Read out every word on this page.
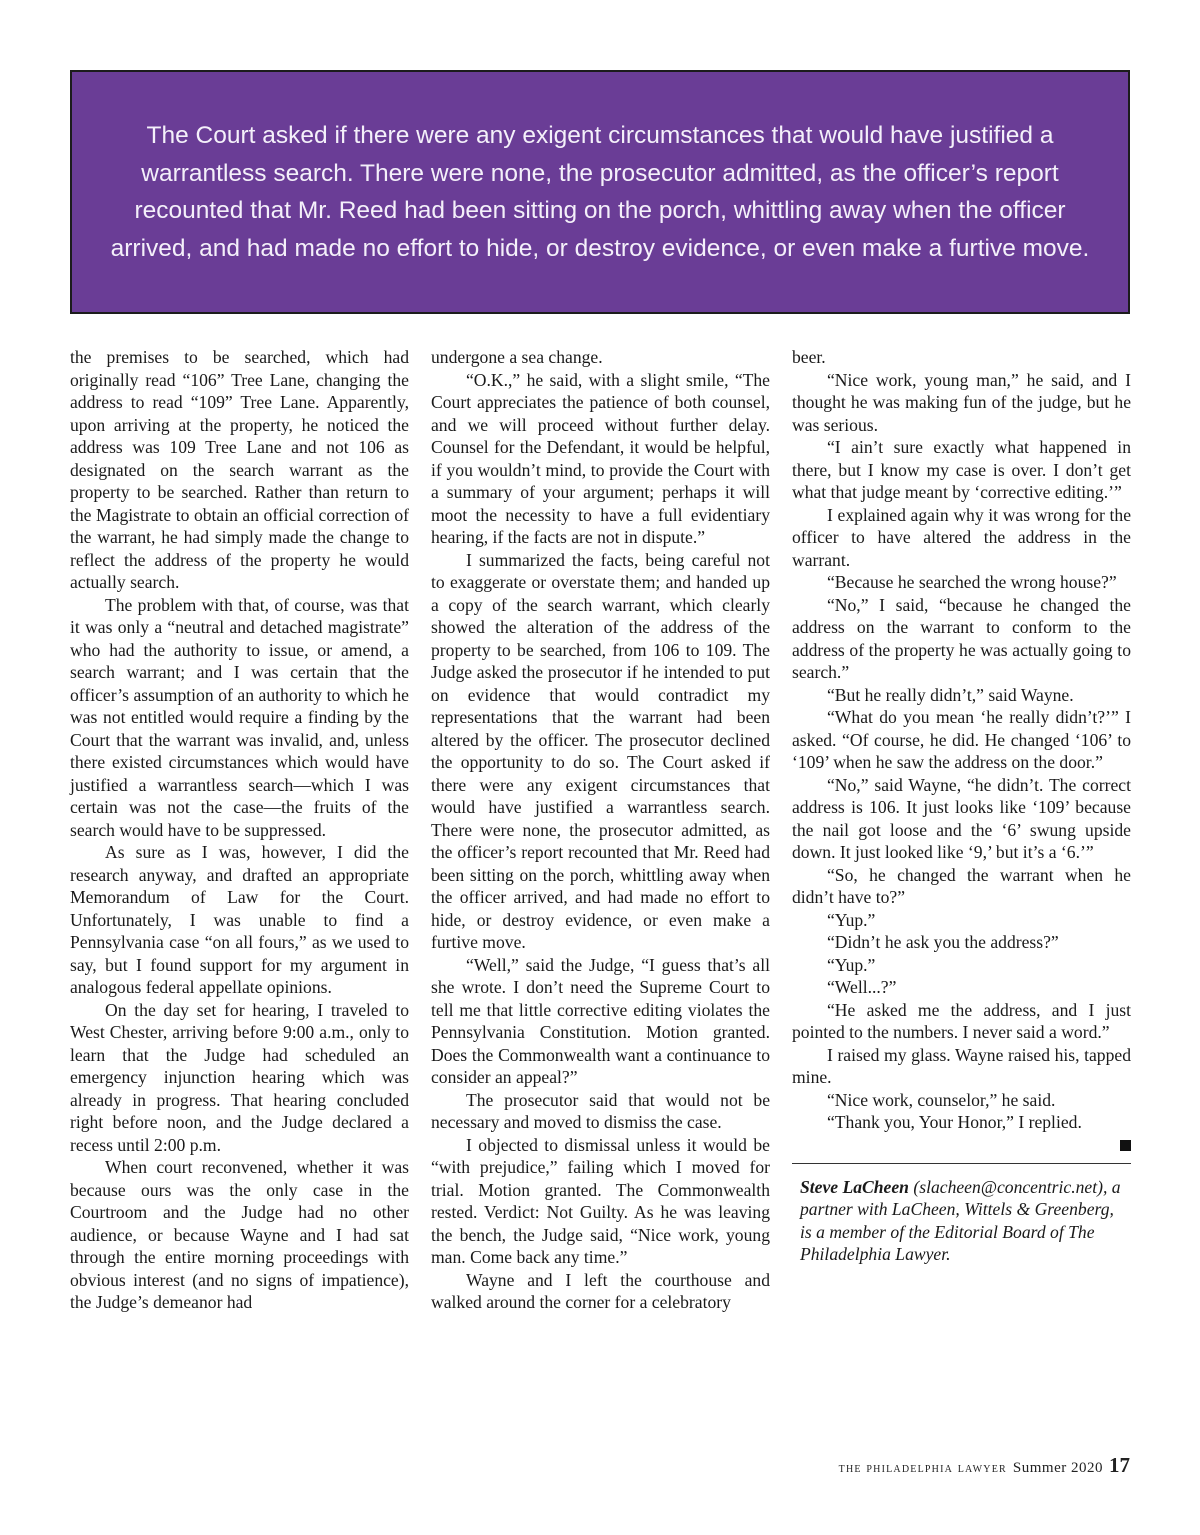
The Court asked if there were any exigent circumstances that would have justified a warrantless search. There were none, the prosecutor admitted, as the officer’s report recounted that Mr. Reed had been sitting on the porch, whittling away when the officer arrived, and had made no effort to hide, or destroy evidence, or even make a furtive move.

the premises to be searched, which had originally read “106” Tree Lane, changing the address to read “109” Tree Lane. Apparently, upon arriving at the property, he noticed the address was 109 Tree Lane and not 106 as designated on the search warrant as the property to be searched. Rather than return to the Magistrate to obtain an official correction of the warrant, he had simply made the change to reflect the address of the property he would actually search.

The problem with that, of course, was that it was only a “neutral and detached magistrate” who had the authority to issue, or amend, a search warrant; and I was certain that the officer’s assumption of an authority to which he was not entitled would require a finding by the Court that the warrant was invalid, and, unless there existed circumstances which would have justified a warrantless search—which I was certain was not the case—the fruits of the search would have to be suppressed.

As sure as I was, however, I did the research anyway, and drafted an appropriate Memorandum of Law for the Court. Unfortunately, I was unable to find a Pennsylvania case “on all fours,” as we used to say, but I found support for my argument in analogous federal appellate opinions.

On the day set for hearing, I traveled to West Chester, arriving before 9:00 a.m., only to learn that the Judge had scheduled an emergency injunction hearing which was already in progress. That hearing concluded right before noon, and the Judge declared a recess until 2:00 p.m.

When court reconvened, whether it was because ours was the only case in the Courtroom and the Judge had no other audience, or because Wayne and I had sat through the entire morning proceedings with obvious interest (and no signs of impatience), the Judge’s demeanor had

undergone a sea change.

“O.K.,” he said, with a slight smile, “The Court appreciates the patience of both counsel, and we will proceed without further delay. Counsel for the Defendant, it would be helpful, if you wouldn’t mind, to provide the Court with a summary of your argument; perhaps it will moot the necessity to have a full evidentiary hearing, if the facts are not in dispute.”

I summarized the facts, being careful not to exaggerate or overstate them; and handed up a copy of the search warrant, which clearly showed the alteration of the address of the property to be searched, from 106 to 109. The Judge asked the prosecutor if he intended to put on evidence that would contradict my representations that the warrant had been altered by the officer. The prosecutor declined the opportunity to do so. The Court asked if there were any exigent circumstances that would have justified a warrantless search. There were none, the prosecutor admitted, as the officer’s report recounted that Mr. Reed had been sitting on the porch, whittling away when the officer arrived, and had made no effort to hide, or destroy evidence, or even make a furtive move.

“Well,” said the Judge, “I guess that’s all she wrote. I don’t need the Supreme Court to tell me that little corrective editing violates the Pennsylvania Constitution. Motion granted. Does the Commonwealth want a continuance to consider an appeal?”

The prosecutor said that would not be necessary and moved to dismiss the case.

I objected to dismissal unless it would be “with prejudice,” failing which I moved for trial. Motion granted. The Commonwealth rested. Verdict: Not Guilty. As he was leaving the bench, the Judge said, “Nice work, young man. Come back any time.”

Wayne and I left the courthouse and walked around the corner for a celebratory

beer.

“Nice work, young man,” he said, and I thought he was making fun of the judge, but he was serious.

“I ain’t sure exactly what happened in there, but I know my case is over. I don’t get what that judge meant by ‘corrective editing.’”

I explained again why it was wrong for the officer to have altered the address in the warrant.

“Because he searched the wrong house?”

“No,” I said, “because he changed the address on the warrant to conform to the address of the property he was actually going to search.”

“But he really didn’t,” said Wayne.

“What do you mean ‘he really didn’t?’” I asked. “Of course, he did. He changed ‘106’ to ‘109’ when he saw the address on the door.”

“No,” said Wayne, “he didn’t. The correct address is 106. It just looks like ‘109’ because the nail got loose and the ‘6’ swung upside down. It just looked like ‘9,’ but it’s a ‘6.’”

“So, he changed the warrant when he didn’t have to?”

“Yup.”

“Didn’t he ask you the address?”

“Yup.”

“Well...?”

“He asked me the address, and I just pointed to the numbers. I never said a word.”

I raised my glass. Wayne raised his, tapped mine.

“Nice work, counselor,” he said.

“Thank you, Your Honor,” I replied.

Steve LaCheen (slacheen@concentric.net), a partner with LaCheen, Wittels & Greenberg, is a member of the Editorial Board of The Philadelphia Lawyer.
the philadelphia lawyer Summer 2020 17
